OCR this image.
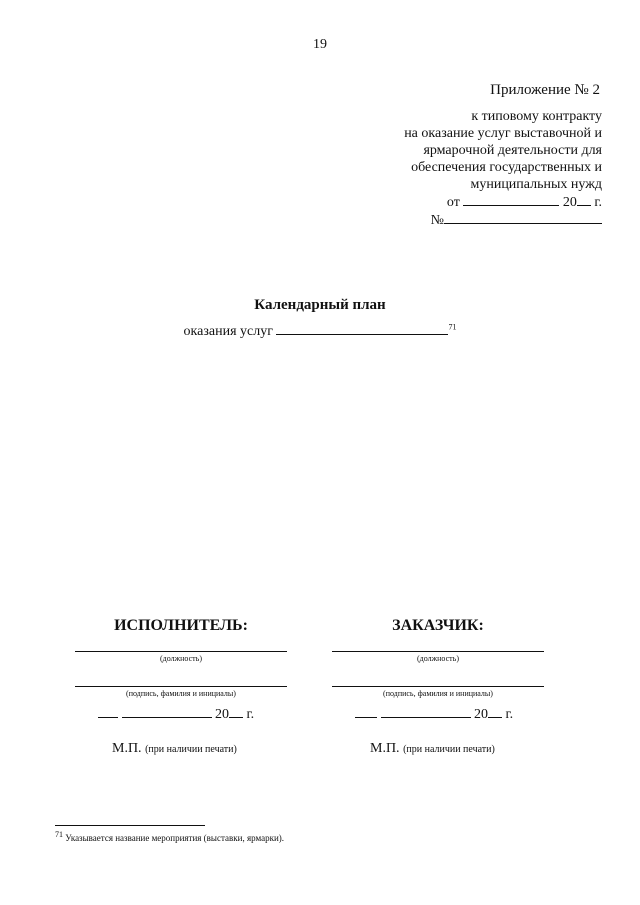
19
Приложение № 2
к типовому контракту
на оказание услуг выставочной и
ярмарочной деятельности для
обеспечения государственных и
муниципальных нужд
от	20 г.
№
Календарный план
оказания услуг	$^{71}$
ИСПОЛНИТЕЛЬ:
(должность)
(подпись, фамилия и инициалы)
20 г.
М.П. (при наличии печати)
ЗАКАЗЧИК:
(должность)
(подпись, фамилия и инициалы)
20 г.
М.П. (при наличии печати)
$^{71}$ Указывается название мероприятия (выставки, ярмарки).
